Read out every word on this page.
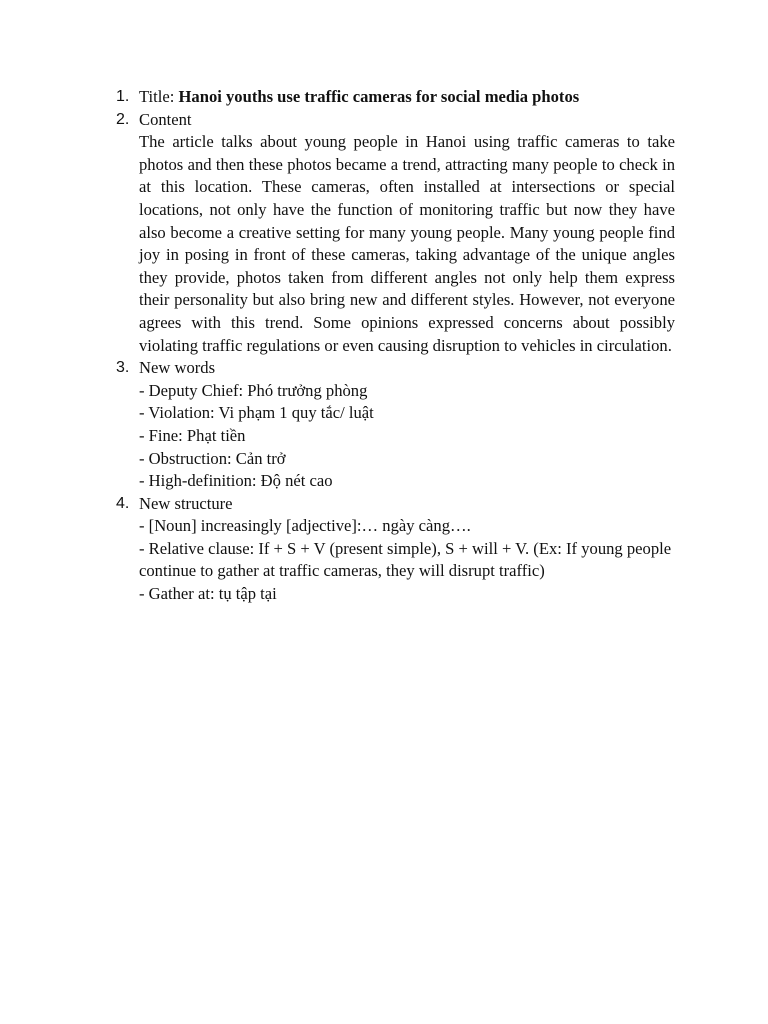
1. Title: Hanoi youths use traffic cameras for social media photos
2. Content
The article talks about young people in Hanoi using traffic cameras to take photos and then these photos became a trend, attracting many people to check in at this location. These cameras, often installed at intersections or special locations, not only have the function of monitoring traffic but now they have also become a creative setting for many young people. Many young people find joy in posing in front of these cameras, taking advantage of the unique angles they provide, photos taken from different angles not only help them express their personality but also bring new and different styles. However, not everyone agrees with this trend. Some opinions expressed concerns about possibly violating traffic regulations or even causing disruption to vehicles in circulation.
3. New words
- Deputy Chief: Phó trưởng phòng
- Violation: Vi phạm 1 quy tắc/ luật
- Fine: Phạt tiền
- Obstruction: Cản trở
- High-definition: Độ nét cao
4. New structure
- [Noun] increasingly [adjective]:… ngày càng….
- Relative clause: If + S + V (present simple), S + will + V. (Ex: If young people continue to gather at traffic cameras, they will disrupt traffic)
- Gather at: tụ tập tại
